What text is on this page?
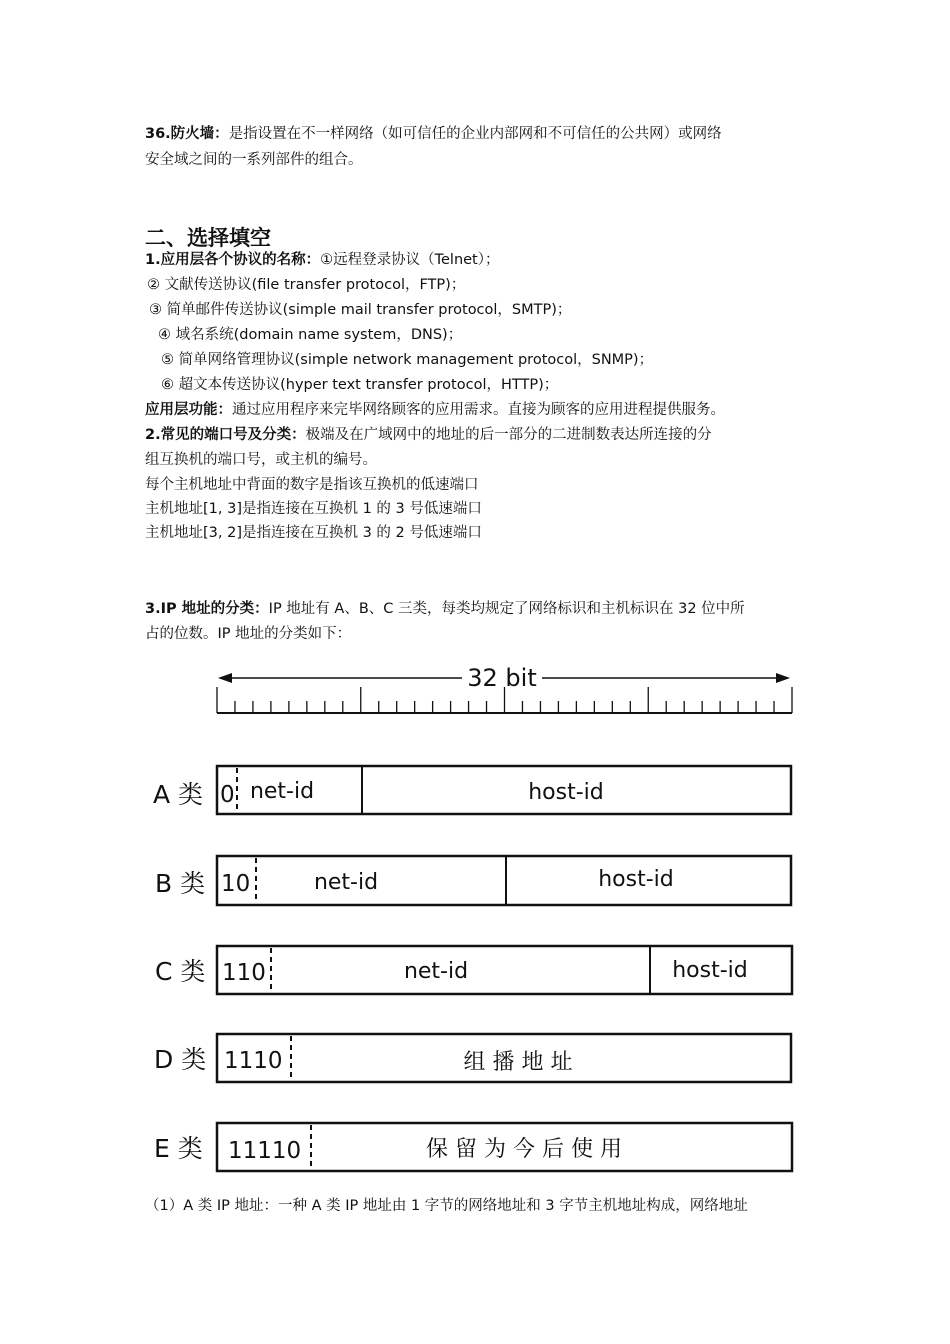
36.防火墙：是指设置在不一样网络（如可信任的企业内部网和不可信任的公共网）或网络
安全域之间的一系列部件的组合。
二、选择填空
1.应用层各个协议的名称：①远程登录协议（Telnet）；
② 文献传送协议(file transfer protocol，FTP)；
③ 简单邮件传送协议(simple mail transfer protocol，SMTP)；
④ 域名系统(domain name system，DNS)；
⑤ 简单网络管理协议(simple network management protocol，SNMP)；
⑥ 超文本传送协议(hyper text transfer protocol，HTTP)；
应用层功能：通过应用程序来完毕网络顾客的应用需求。直接为顾客的应用进程提供服务。
2.常见的端口号及分类：极端及在广域网中的地址的后一部分的二进制数表达所连接的分
组互换机的端口号，或主机的编号。
每个主机地址中背面的数字是指该互换机的低速端口
主机地址[1, 3]是指连接在互换机 1 的 3 号低速端口
主机地址[3, 2]是指连接在互换机 3 的 2 号低速端口
3.IP 地址的分类：IP 地址有 A、B、C 三类，每类均规定了网络标识和主机标识在 32 位中所
占的位数。IP 地址的分类如下：
32 bit
A 类 0 net-id	host-id
B 类 10	net-id	host-id
C 类 110	net-id	host-id
D 类 1110	组 播 地 址
E 类 11110	保 留 为 今 后 使 用
（1）A 类 IP 地址：一种 A 类 IP 地址由 1 字节的网络地址和 3 字节主机地址构成，网络地址
